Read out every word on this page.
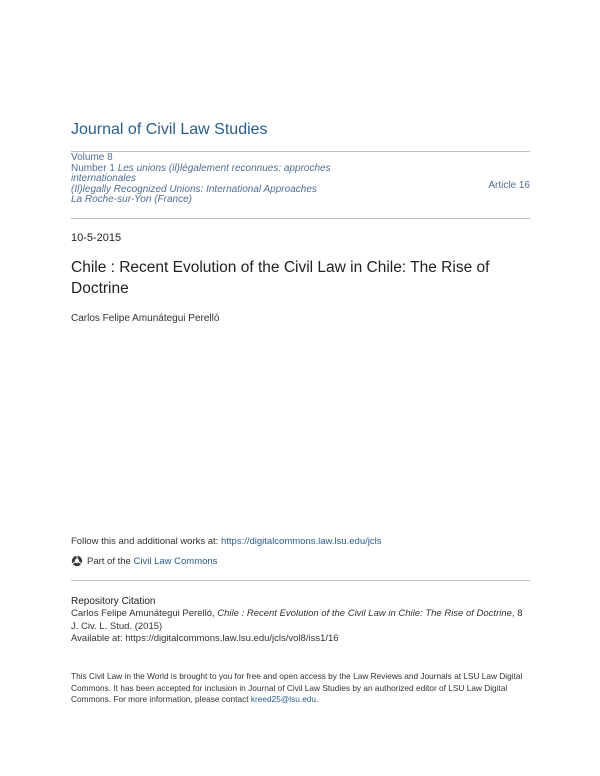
Journal of Civil Law Studies
Volume 8
Number 1 Les unions (il)légalement reconnues: approches internationales
(Il)legally Recognized Unions: International Approaches
La Roche-sur-Yon (France)
Article 16
10-5-2015
Chile : Recent Evolution of the Civil Law in Chile: The Rise of Doctrine
Carlos Felipe Amunátegui Perelló
Follow this and additional works at: https://digitalcommons.law.lsu.edu/jcls
Part of the
Civil Law Commons
Repository Citation
Carlos Felipe Amunátegui Perelló, Chile : Recent Evolution of the Civil Law in Chile: The Rise of Doctrine, 8 J. Civ. L. Stud. (2015)
Available at: https://digitalcommons.law.lsu.edu/jcls/vol8/iss1/16
This Civil Law in the World is brought to you for free and open access by the Law Reviews and Journals at LSU Law Digital Commons. It has been accepted for inclusion in Journal of Civil Law Studies by an authorized editor of LSU Law Digital Commons. For more information, please contact kreed25@lsu.edu.
